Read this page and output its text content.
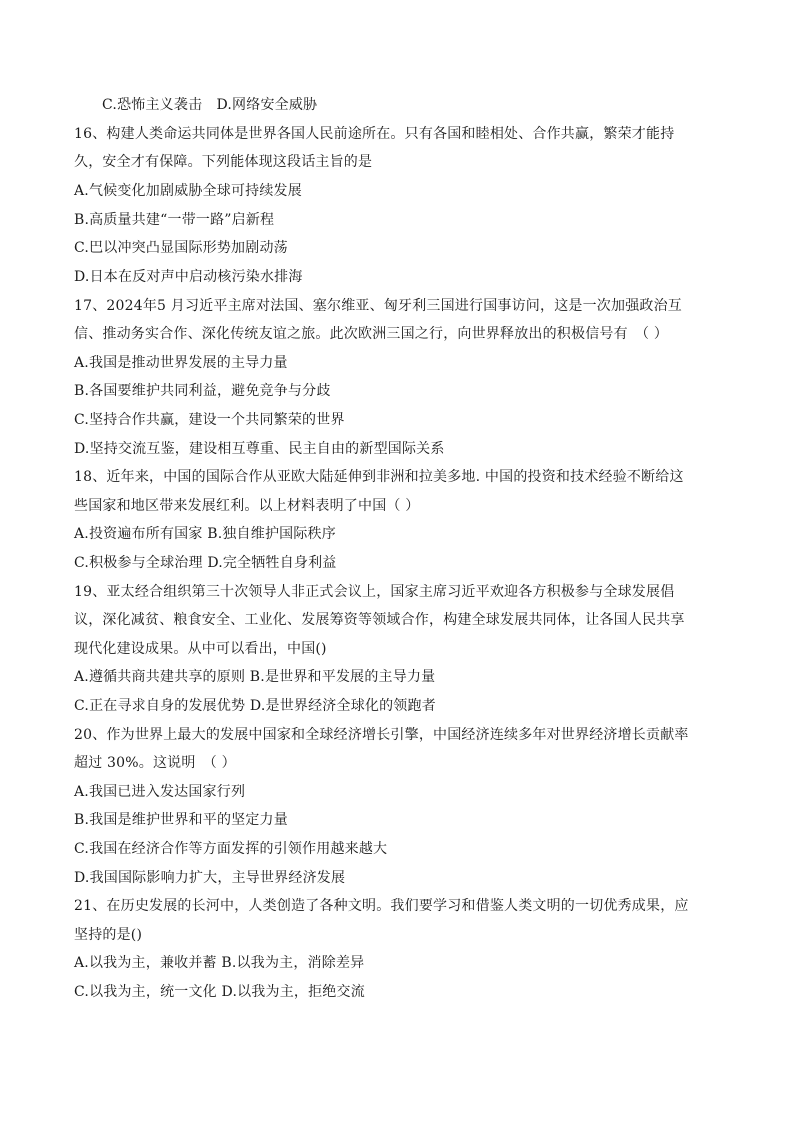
C.恐怖主义袭击　D.网络安全威胁
16、构建人类命运共同体是世界各国人民前途所在。只有各国和睦相处、合作共赢，繁荣才能持
久，安全才有保障。下列能体现这段话主旨的是
A.气候变化加剧威胁全球可持续发展
B.高质量共建“一带一路”启新程
C.巴以冲突凸显国际形势加剧动荡
D.日本在反对声中启动核污染水排海
17、2024年5 月习近平主席对法国、塞尔维亚、匈牙利三国进行国事访问，这是一次加强政治互
信、推动务实合作、深化传统友谊之旅。此次欧洲三国之行，向世界释放出的积极信号有　（ ）
A.我国是推动世界发展的主导力量
B.各国要维护共同利益，避免竞争与分歧
C.坚持合作共赢，建设一个共同繁荣的世界
D.坚持交流互鉴，建设相互尊重、民主自由的新型国际关系
18、近年来，中国的国际合作从亚欧大陆延伸到非洲和拉美多地. 中国的投资和技术经验不断给这
些国家和地区带来发展红利。以上材料表明了中国（ ）
A.投资遍布所有国家 B.独自维护国际秩序
C.积极参与全球治理 D.完全牺牲自身利益
19、亚太经合组织第三十次领导人非正式会议上，国家主席习近平欢迎各方积极参与全球发展倡
议，深化减贫、粮食安全、工业化、发展筹资等领域合作，构建全球发展共同体，让各国人民共享
现代化建设成果。从中可以看出，中国()
A.遵循共商共建共享的原则 B.是世界和平发展的主导力量
C.正在寻求自身的发展优势 D.是世界经济全球化的领跑者
20、作为世界上最大的发展中国家和全球经济增长引擎，中国经济连续多年对世界经济增长贡献率
超过 30%。这说明　（ ）
A.我国已进入发达国家行列
B.我国是维护世界和平的坚定力量
C.我国在经济合作等方面发挥的引领作用越来越大
D.我国国际影响力扩大，主导世界经济发展
21、在历史发展的长河中，人类创造了各种文明。我们要学习和借鉴人类文明的一切优秀成果，应
坚持的是()
A.以我为主，兼收并蓄 B.以我为主，消除差异
C.以我为主，统一文化 D.以我为主，拒绝交流
